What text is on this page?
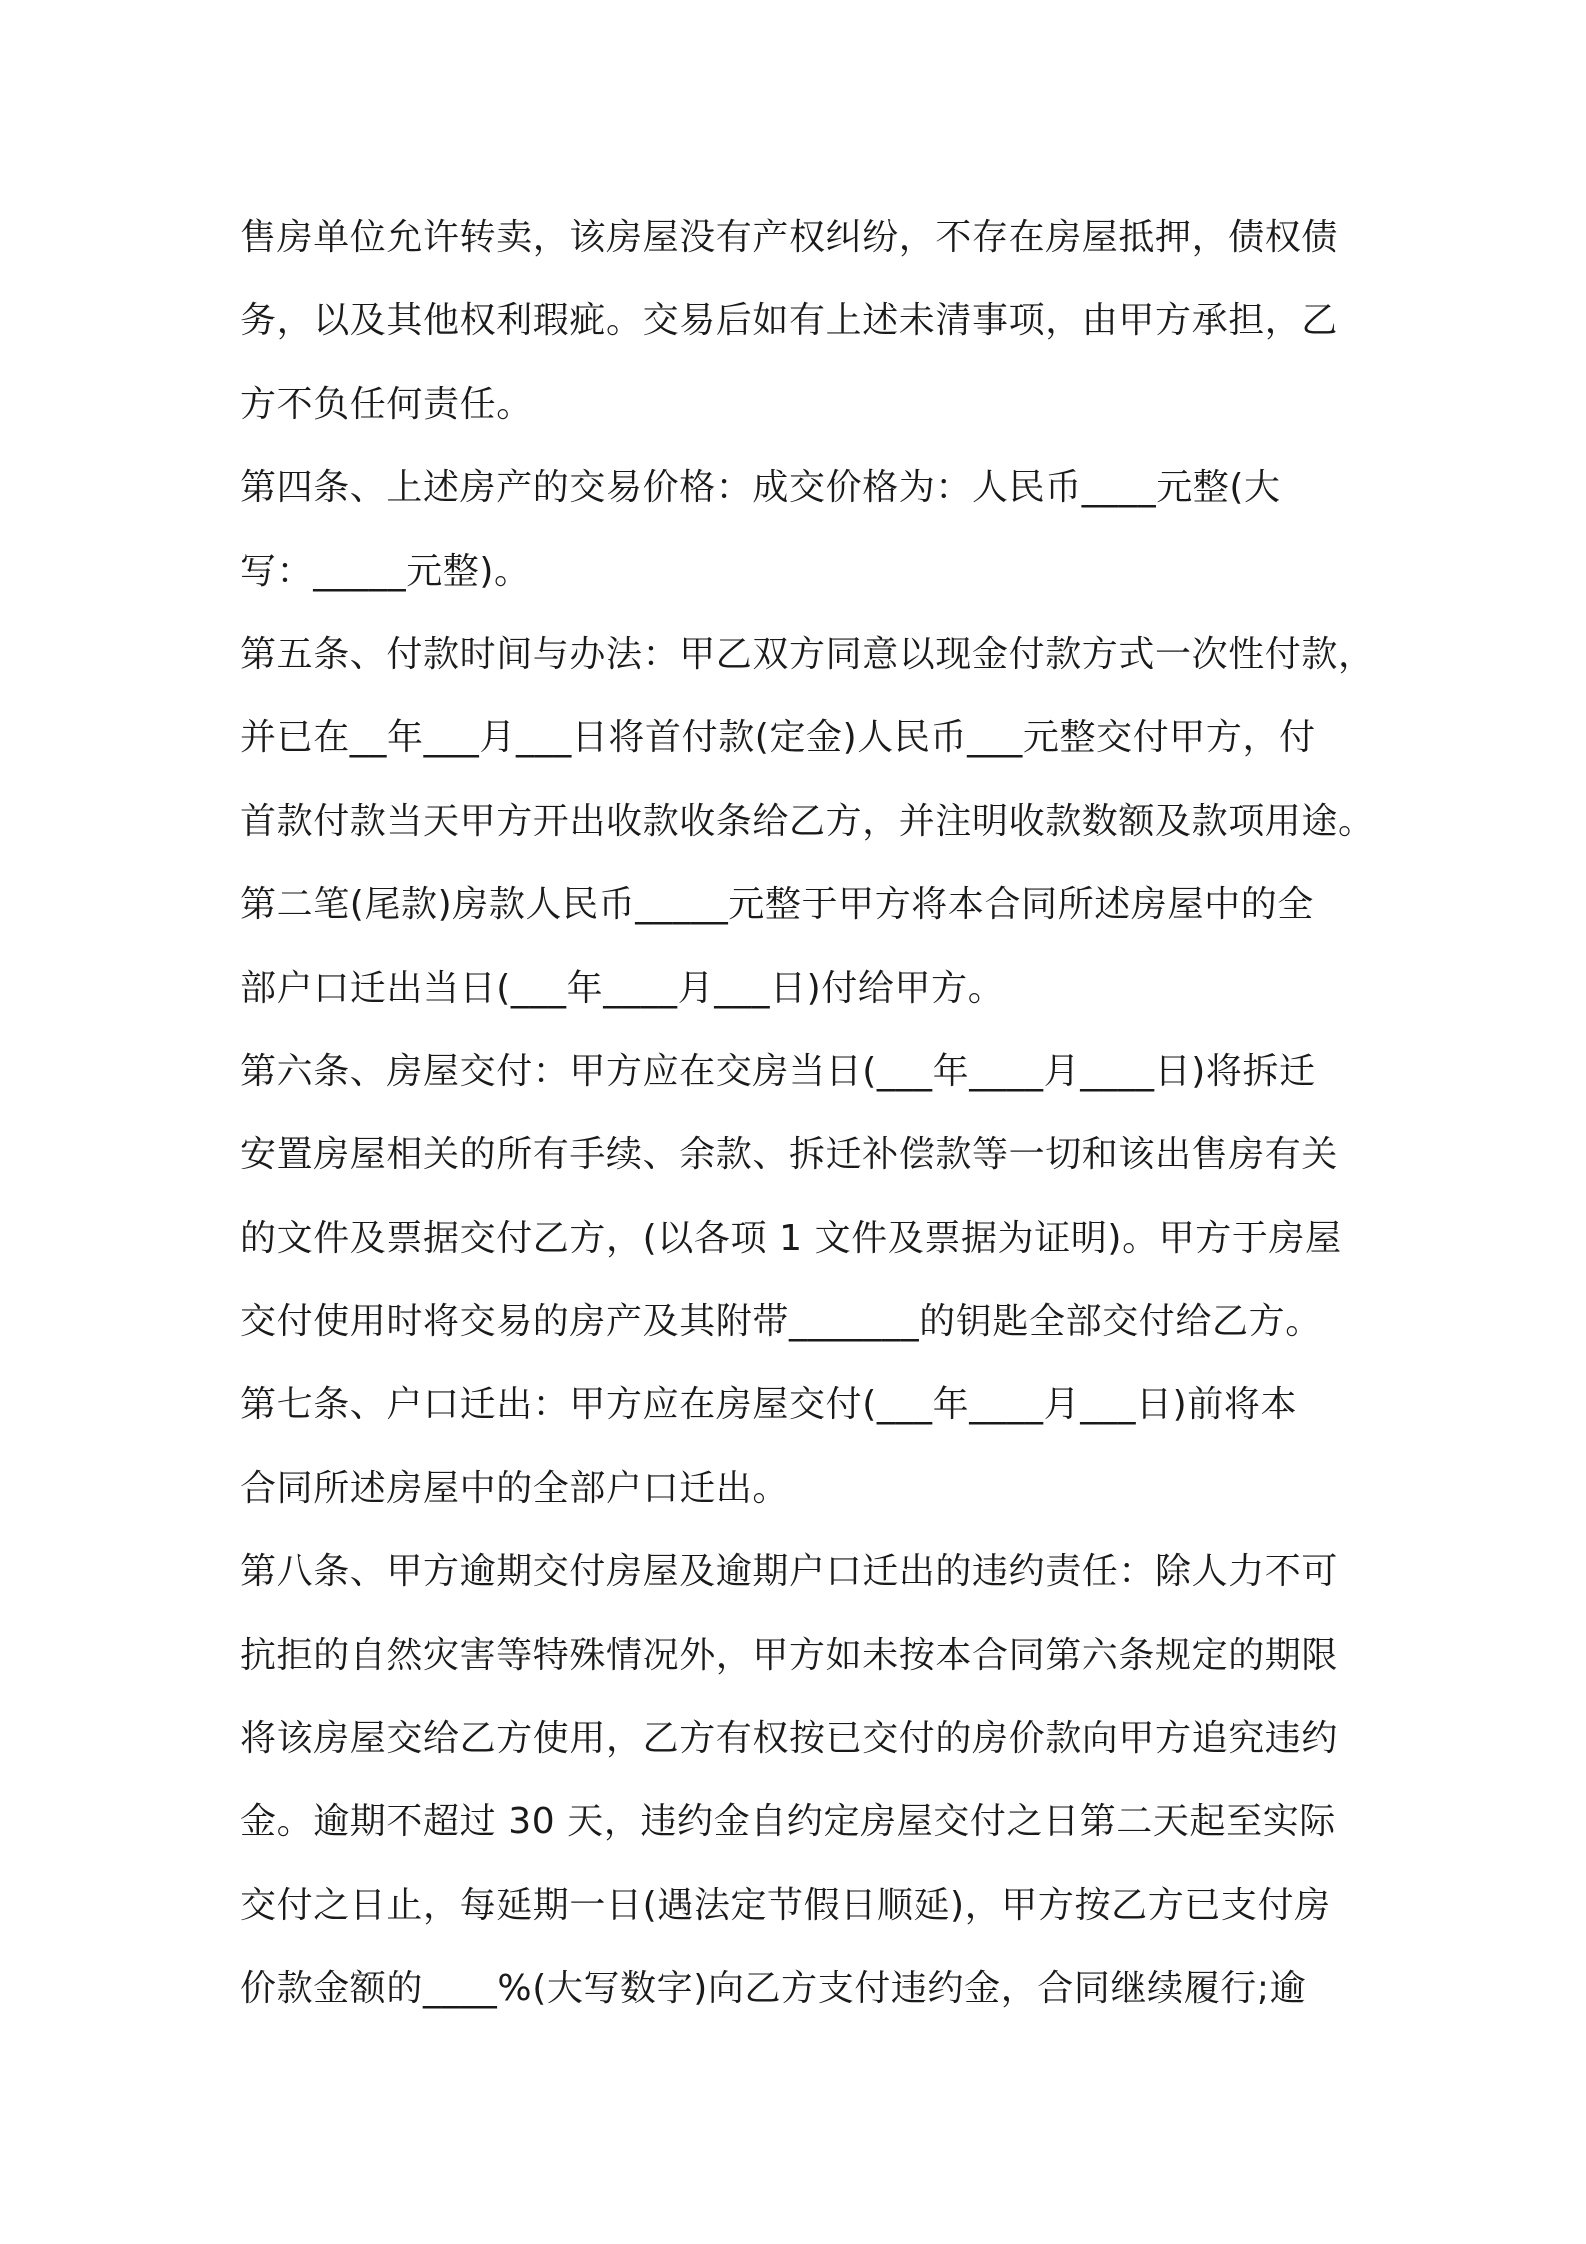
售房单位允许转卖，该房屋没有产权纠纷，不存在房屋抵押，债权债
务，以及其他权利瑕疵。交易后如有上述未清事项，由甲方承担，乙
方不负任何责任。
第四条、上述房产的交易价格：成交价格为：人民币____元整(大
写：_____元整)。
第五条、付款时间与办法：甲乙双方同意以现金付款方式一次性付款，
并已在__年___月___日将首付款(定金)人民币___元整交付甲方，付
首款付款当天甲方开出收款收条给乙方，并注明收款数额及款项用途。
第二笔(尾款)房款人民币_____元整于甲方将本合同所述房屋中的全
部户口迁出当日(___年____月___日)付给甲方。
第六条、房屋交付：甲方应在交房当日(___年____月____日)将拆迁
安置房屋相关的所有手续、余款、拆迁补偿款等一切和该出售房有关
的文件及票据交付乙方，(以各项 1 文件及票据为证明)。甲方于房屋
交付使用时将交易的房产及其附带_______的钥匙全部交付给乙方。
第七条、户口迁出：甲方应在房屋交付(___年____月___日)前将本
合同所述房屋中的全部户口迁出。
第八条、甲方逾期交付房屋及逾期户口迁出的违约责任：除人力不可
抗拒的自然灾害等特殊情况外，甲方如未按本合同第六条规定的期限
将该房屋交给乙方使用，乙方有权按已交付的房价款向甲方追究违约
金。逾期不超过 30 天，违约金自约定房屋交付之日第二天起至实际
交付之日止，每延期一日(遇法定节假日顺延)，甲方按乙方已支付房
价款金额的____%(大写数字)向乙方支付违约金，合同继续履行;逾
